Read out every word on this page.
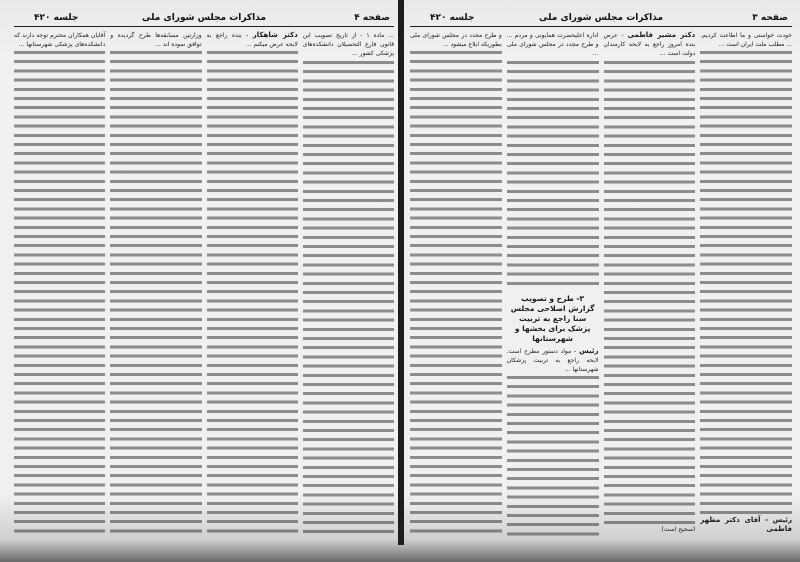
صفحه ۴
مذاکرات مجلس شورای ملی
جلسه ۴۲۰

... ماده ۱ - از تاریخ تصویب این قانون فارغ التحصیلان دانشکده‌های پزشکی کشور ...

دکتر شاهکار - بنده راجع به لایحه عرض میکنم ...

وزارتین مسابقه‌ها طرح گردیده و توافق نموده اند ...

آقایان همکاران محترم توجه دارند که دانشکده‌های پزشکی شهرستانها ...

صفحه ۳
مذاکرات مجلس شورای ملی
جلسه ۴۲۰

خودت خواستی و ما اطاعت کردیم. ... مطلب ملت ایران است ...

رئیس - آقای دکتر مظهر فاطمی

دکتر مشیر فاطمی - عرض بنده امروز راجع به لایحه کارمندان دولت است ...

(صحیح است)

اداره اعلیحضرت همایونی و مردم ... و طرح مجدد در مجلس شورای ملی ...

۳- طرح و تصویب گزارش اصلاحی مجلس سنا راجع به تربیت پزشک برای بخشها و شهرستانها

رئیس - مواد دستور مطرح است. لایحه راجع به تربیت پزشکان شهرستانها ...

و طرح مجدد در مجلس شورای ملی بطوریکه ابلاغ میشود ...
